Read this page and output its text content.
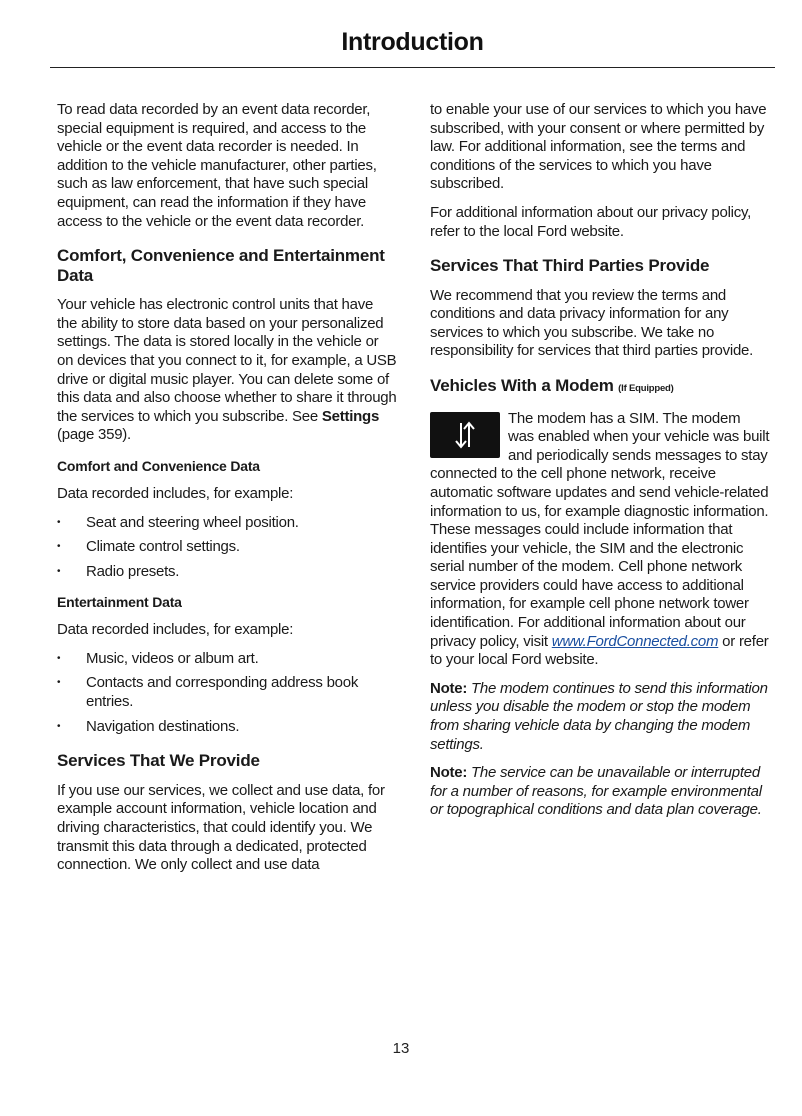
Introduction

To read data recorded by an event data recorder, special equipment is required, and access to the vehicle or the event data recorder is needed. In addition to the vehicle manufacturer, other parties, such as law enforcement, that have such special equipment, can read the information if they have access to the vehicle or the event data recorder.

Comfort, Convenience and Entertainment Data

Your vehicle has electronic control units that have the ability to store data based on your personalized settings. The data is stored locally in the vehicle or on devices that you connect to it, for example, a USB drive or digital music player. You can delete some of this data and also choose whether to share it through the services to which you subscribe. See Settings (page 359).

Comfort and Convenience Data

Data recorded includes, for example:

• Seat and steering wheel position.
• Climate control settings.
• Radio presets.
Entertainment Data

Data recorded includes, for example:

• Music, videos or album art.
• Contacts and corresponding address book entries.
• Navigation destinations.
Services That We Provide

If you use our services, we collect and use data, for example account information, vehicle location and driving characteristics, that could identify you. We transmit this data through a dedicated, protected connection. We only collect and use data

to enable your use of our services to which you have subscribed, with your consent or where permitted by law. For additional information, see the terms and conditions of the services to which you have subscribed.

For additional information about our privacy policy, refer to the local Ford website.

Services That Third Parties Provide

We recommend that you review the terms and conditions and data privacy information for any services to which you subscribe. We take no responsibility for services that third parties provide.

Vehicles With a Modem (If Equipped)

The modem has a SIM. The modem was enabled when your vehicle was built and periodically sends messages to stay connected to the cell phone network, receive automatic software updates and send vehicle-related information to us, for example diagnostic information. These messages could include information that identifies your vehicle, the SIM and the electronic serial number of the modem. Cell phone network service providers could have access to additional information, for example cell phone network tower identification. For additional information about our privacy policy, visit www.FordConnected.com or refer to your local Ford website.

Note: The modem continues to send this information unless you disable the modem or stop the modem from sharing vehicle data by changing the modem settings.

Note: The service can be unavailable or interrupted for a number of reasons, for example environmental or topographical conditions and data plan coverage.

13
